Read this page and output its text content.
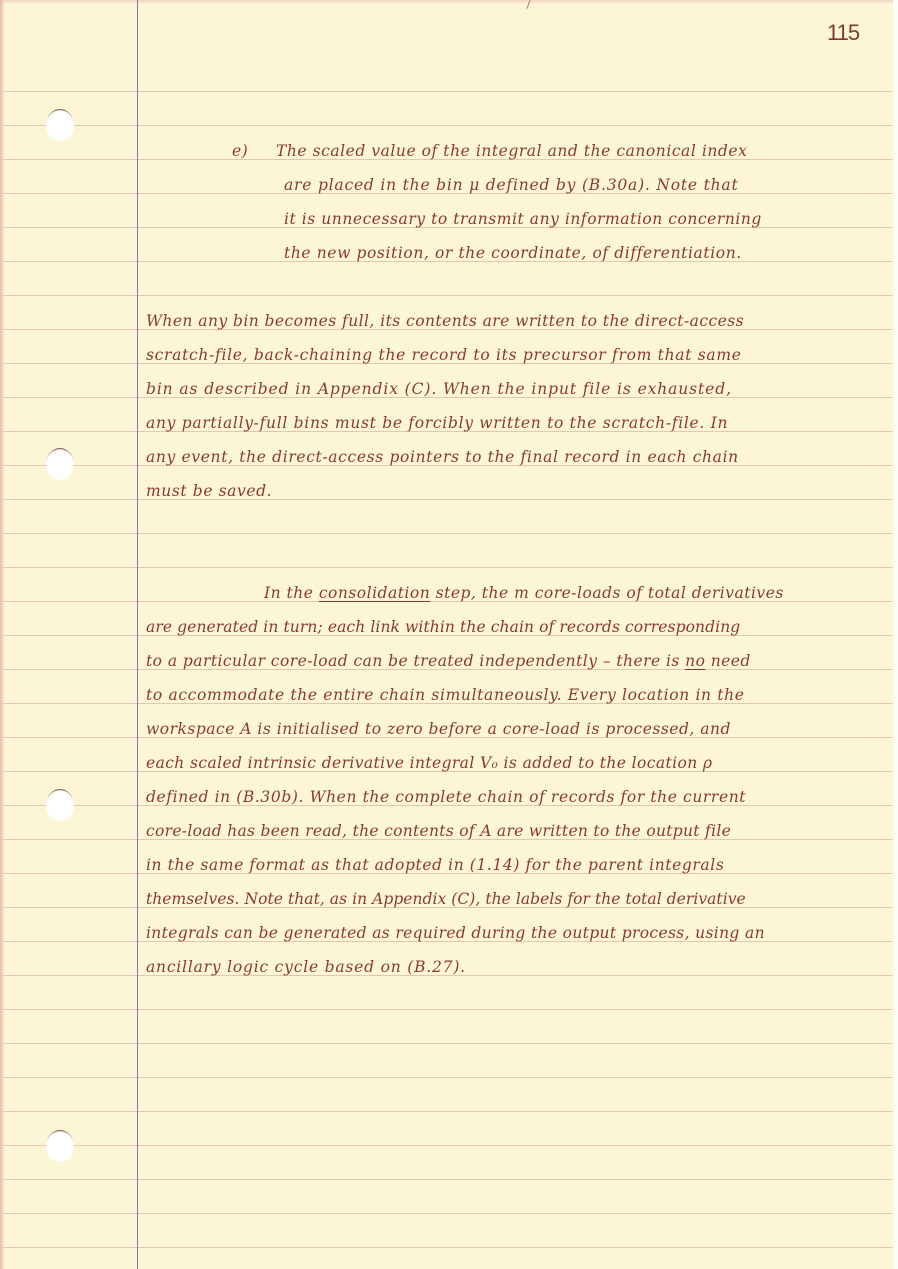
115
e) The scaled value of the integral and the canonical index
are placed in the bin μ defined by (B.30a). Note that
it is unnecessary to transmit any information concerning
the new position, or the coordinate, of differentiation.
When any bin becomes full, its contents are written to the direct-access
scratch-file, back-chaining the record to its precursor from that same
bin as described in Appendix (C). When the input file is exhausted,
any partially-full bins must be forcibly written to the scratch-file. In
any event, the direct-access pointers to the final record in each chain
must be saved.
In the consolidation step, the m core-loads of total derivatives
are generated in turn; each link within the chain of records corresponding
to a particular core-load can be treated independently – there is no need
to accommodate the entire chain simultaneously. Every location in the
workspace A is initialised to zero before a core-load is processed, and
each scaled intrinsic derivative integral V₀ is added to the location ρ
defined in (B.30b). When the complete chain of records for the current
core-load has been read, the contents of A are written to the output file
in the same format as that adopted in (1.14) for the parent integrals
themselves. Note that, as in Appendix (C), the labels for the total derivative
integrals can be generated as required during the output process, using an
ancillary logic cycle based on (B.27).
